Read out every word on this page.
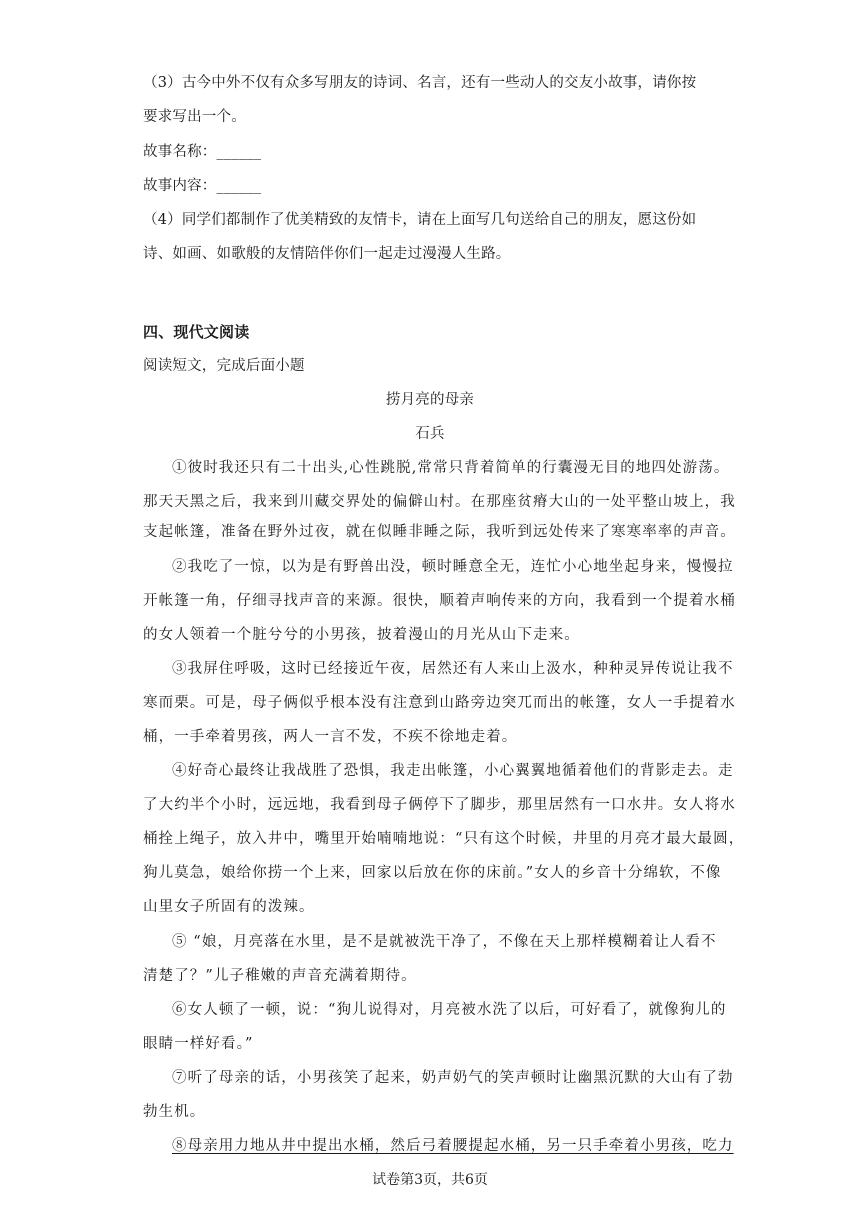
（3）古今中外不仅有众多写朋友的诗词、名言，还有一些动人的交友小故事，请你按
要求写出一个。
故事名称：______
故事内容：______
（4）同学们都制作了优美精致的友情卡，请在上面写几句送给自己的朋友，愿这份如
诗、如画、如歌般的友情陪伴你们一起走过漫漫人生路。
四、现代文阅读
阅读短文，完成后面小题
捞月亮的母亲
石兵
①彼时我还只有二十出头,心性跳脱,常常只背着简单的行囊漫无目的地四处游荡。
那天天黑之后，我来到川藏交界处的偏僻山村。在那座贫瘠大山的一处平整山坡上，我
支起帐篷，准备在野外过夜，就在似睡非睡之际，我听到远处传来了寒寒率率的声音。
②我吃了一惊，以为是有野兽出没，顿时睡意全无，连忙小心地坐起身来，慢慢拉
开帐篷一角，仔细寻找声音的来源。很快，顺着声响传来的方向，我看到一个提着水桶
的女人领着一个脏兮兮的小男孩，披着漫山的月光从山下走来。
③我屏住呼吸，这时已经接近午夜，居然还有人来山上汲水，种种灵异传说让我不
寒而栗。可是，母子俩似乎根本没有注意到山路旁边突兀而出的帐篷，女人一手提着水
桶，一手牵着男孩，两人一言不发，不疾不徐地走着。
④好奇心最终让我战胜了恐惧，我走出帐篷，小心翼翼地循着他们的背影走去。走
了大约半个小时，远远地，我看到母子俩停下了脚步，那里居然有一口水井。女人将水
桶拴上绳子，放入井中，嘴里开始喃喃地说：“只有这个时候，井里的月亮才最大最圆，
狗儿莫急，娘给你捞一个上来，回家以后放在你的床前。”女人的乡音十分绵软，不像
山里女子所固有的泼辣。
⑤ “娘，月亮落在水里，是不是就被洗干净了，不像在天上那样模糊着让人看不
清楚了？”儿子稚嫩的声音充满着期待。
⑥女人顿了一顿，说：“狗儿说得对，月亮被水洗了以后，可好看了，就像狗儿的
眼睛一样好看。”
⑦听了母亲的话，小男孩笑了起来，奶声奶气的笑声顿时让幽黑沉默的大山有了勃
勃生机。
⑧母亲用力地从井中提出水桶，然后弓着腰提起水桶，另一只手牵着小男孩，吃力
试卷第3页，共6页
